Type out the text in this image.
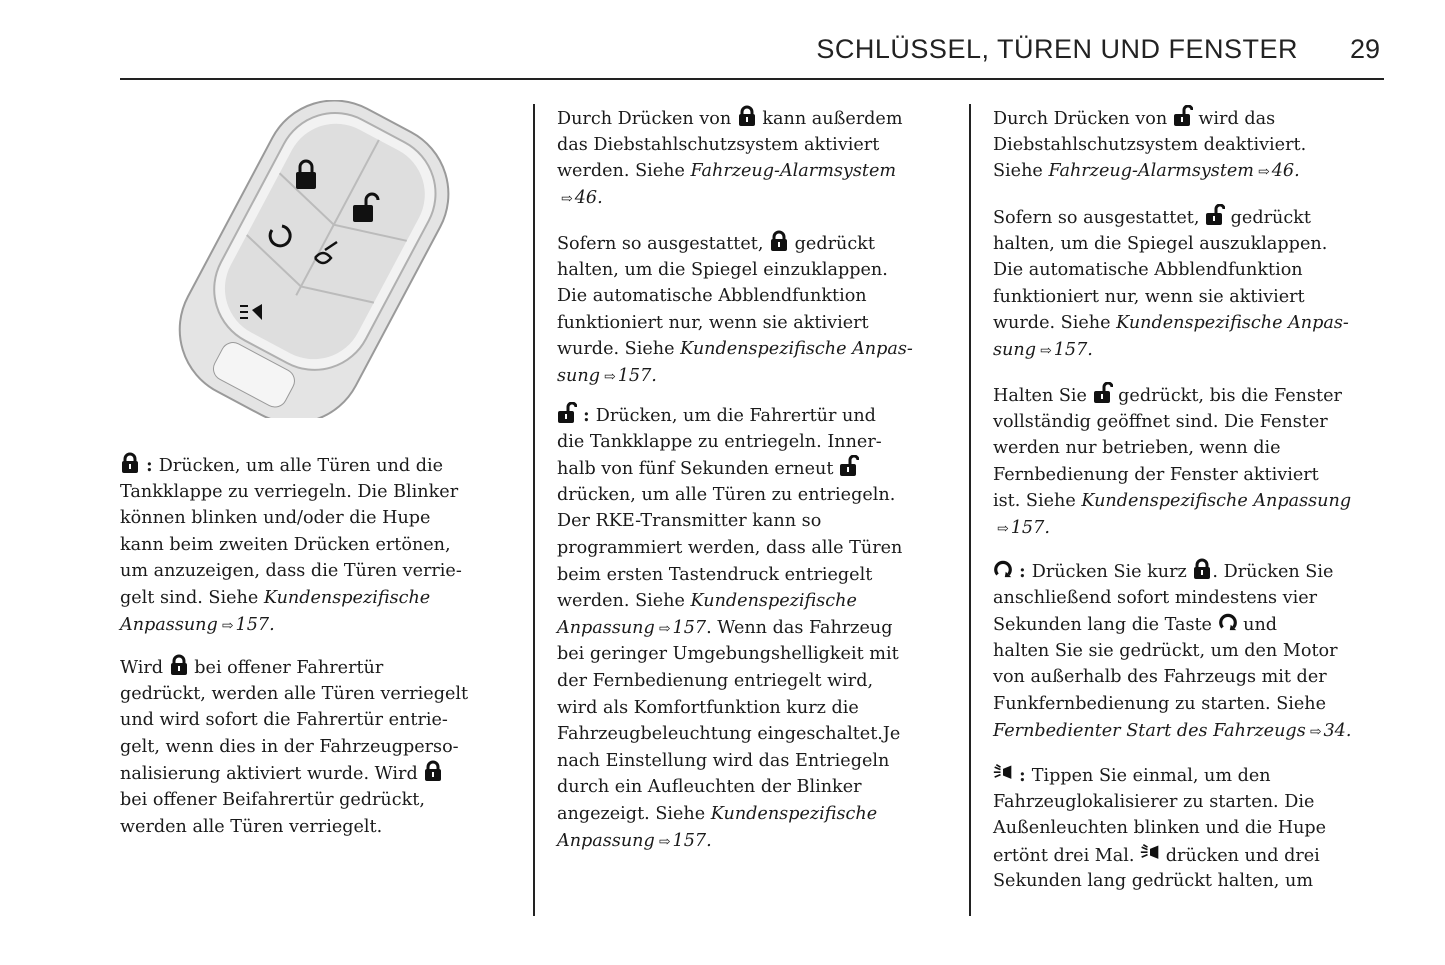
SCHLÜSSEL, TÜREN UND FENSTER 29
: Drücken, um alle Türen und die
Tankklappe zu verriegeln. Die Blinker
können blinken und/oder die Hupe
kann beim zweiten Drücken ertönen,
um anzuzeigen, dass die Türen verrie-
gelt sind. Siehe Kundenspezifische
Anpassung ⇨ 157.
Wird  bei offener Fahrertür
gedrückt, werden alle Türen verriegelt
und wird sofort die Fahrertür entrie-
gelt, wenn dies in der Fahrzeugperso-
nalisierung aktiviert wurde. Wird
bei offener Beifahrertür gedrückt,
werden alle Türen verriegelt.
Durch Drücken von  kann außerdem
das Diebstahlschutzsystem aktiviert
werden. Siehe Fahrzeug-Alarmsystem
⇨ 46.
Sofern so ausgestattet,  gedrückt
halten, um die Spiegel einzuklappen.
Die automatische Abblendfunktion
funktioniert nur, wenn sie aktiviert
wurde. Siehe Kundenspezifische Anpas-
sung ⇨ 157.
: Drücken, um die Fahrertür und
die Tankklappe zu entriegeln. Inner-
halb von fünf Sekunden erneut
drücken, um alle Türen zu entriegeln.
Der RKE-Transmitter kann so
programmiert werden, dass alle Türen
beim ersten Tastendruck entriegelt
werden. Siehe Kundenspezifische
Anpassung ⇨ 157. Wenn das Fahrzeug
bei geringer Umgebungshelligkeit mit
der Fernbedienung entriegelt wird,
wird als Komfortfunktion kurz die
Fahrzeugbeleuchtung eingeschaltet.Je
nach Einstellung wird das Entriegeln
durch ein Aufleuchten der Blinker
angezeigt. Siehe Kundenspezifische
Anpassung ⇨ 157.
Durch Drücken von  wird das
Diebstahlschutzsystem deaktiviert.
Siehe Fahrzeug-Alarmsystem ⇨ 46.
Sofern so ausgestattet,  gedrückt
halten, um die Spiegel auszuklappen.
Die automatische Abblendfunktion
funktioniert nur, wenn sie aktiviert
wurde. Siehe Kundenspezifische Anpas-
sung ⇨ 157.
Halten Sie  gedrückt, bis die Fenster
vollständig geöffnet sind. Die Fenster
werden nur betrieben, wenn die
Fernbedienung der Fenster aktiviert
ist. Siehe Kundenspezifische Anpassung
⇨ 157.
: Drücken Sie kurz . Drücken Sie
anschließend sofort mindestens vier
Sekunden lang die Taste  und
halten Sie sie gedrückt, um den Motor
von außerhalb des Fahrzeugs mit der
Funkfernbedienung zu starten. Siehe
Fernbedienter Start des Fahrzeugs ⇨ 34.
: Tippen Sie einmal, um den
Fahrzeuglokalisierer zu starten. Die
Außenleuchten blinken und die Hupe
ertönt drei Mal.  drücken und drei
Sekunden lang gedrückt halten, um
